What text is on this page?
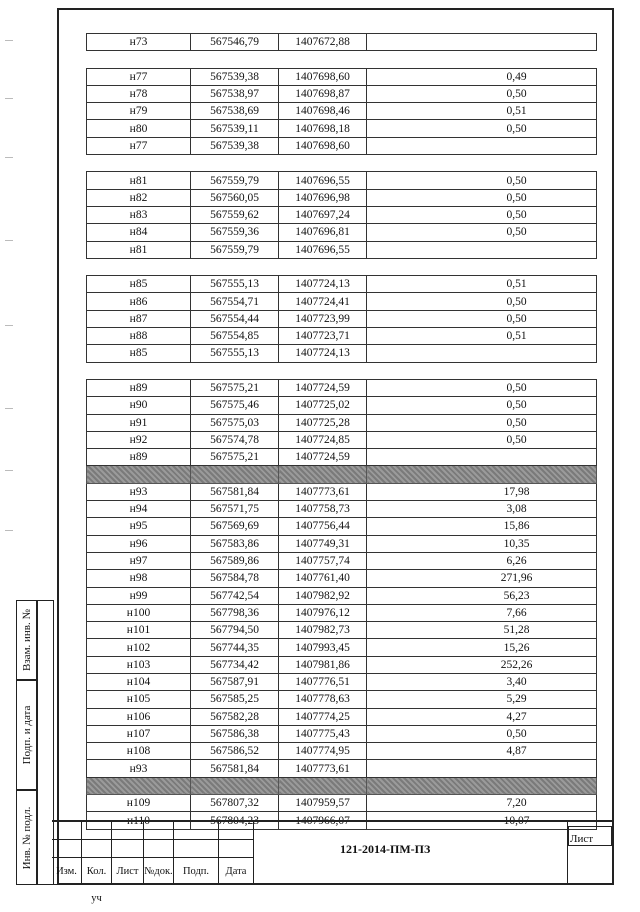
н73	567546,79	1407672,88	

н77	567539,38	1407698,60	0,49
н78	567538,97	1407698,87	0,50
н79	567538,69	1407698,46	0,51
н80	567539,11	1407698,18	0,50
н77	567539,38	1407698,60	

н81	567559,79	1407696,55	0,50
н82	567560,05	1407696,98	0,50
н83	567559,62	1407697,24	0,50
н84	567559,36	1407696,81	0,50
н81	567559,79	1407696,55	

н85	567555,13	1407724,13	0,51
н86	567554,71	1407724,41	0,50
н87	567554,44	1407723,99	0,50
н88	567554,85	1407723,71	0,51
н85	567555,13	1407724,13	

н89	567575,21	1407724,59	0,50
н90	567575,46	1407725,02	0,50
н91	567575,03	1407725,28	0,50
н92	567574,78	1407724,85	0,50
н89	567575,21	1407724,59	

н93	567581,84	1407773,61	17,98
н94	567571,75	1407758,73	3,08
н95	567569,69	1407756,44	15,86
н96	567583,86	1407749,31	10,35
н97	567589,86	1407757,74	6,26
н98	567584,78	1407761,40	271,96
н99	567742,54	1407982,92	56,23
н100	567798,36	1407976,12	7,66
н101	567794,50	1407982,73	51,28
н102	567744,35	1407993,45	15,26
н103	567734,42	1407981,86	252,26
н104	567587,91	1407776,51	3,40
н105	567585,25	1407778,63	5,29
н106	567582,28	1407774,25	4,27
н107	567586,38	1407775,43	0,50
н108	567586,52	1407774,95	4,87
н93	567581,84	1407773,61	

н109	567807,32	1407959,57	7,20
н110	567804,23	1407966,07	10,07
Взам. инв. №
Подп. и дата
Инв. № подл.
Изм. Кол. уч
Лист №док. Подп.	Дата
121-2014-ПМ-ПЗ
Лист
